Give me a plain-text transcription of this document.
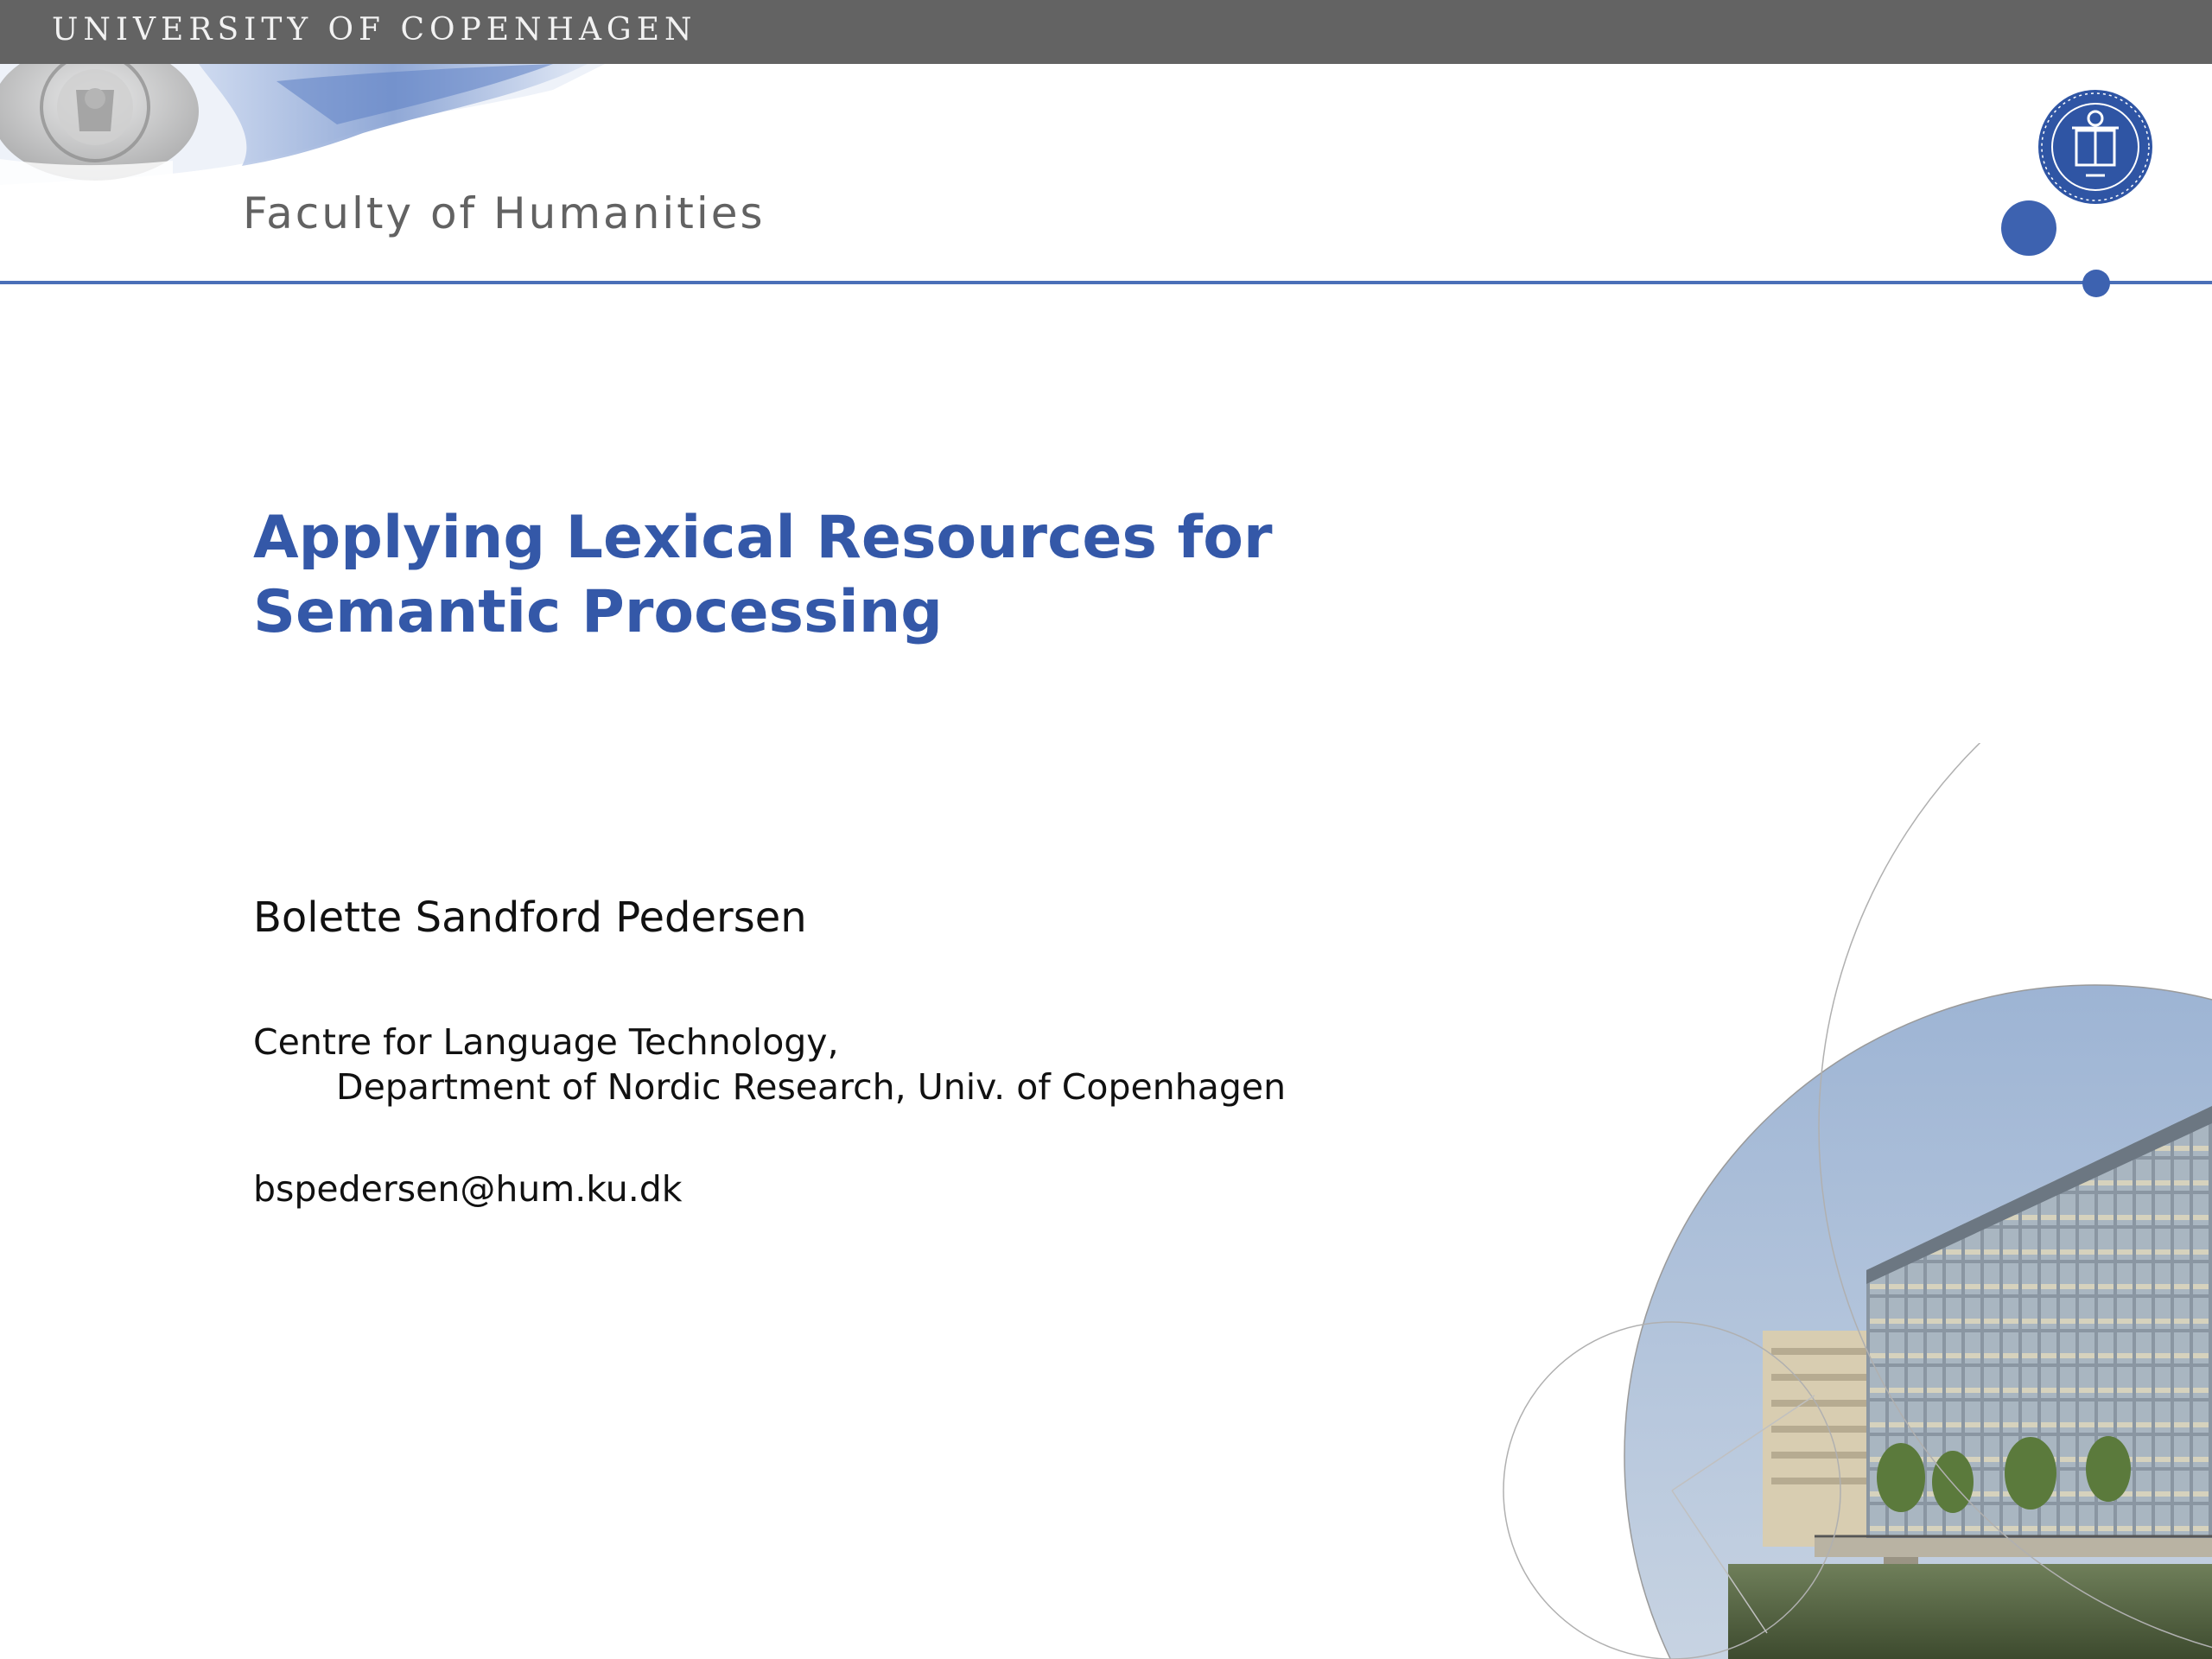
UNIVERSITY OF COPENHAGEN
Faculty of Humanities
Applying Lexical Resources for
Semantic Processing
Bolette Sandford Pedersen
Centre for Language Technology,
Department of Nordic Research, Univ. of Copenhagen
bspedersen@hum.ku.dk
